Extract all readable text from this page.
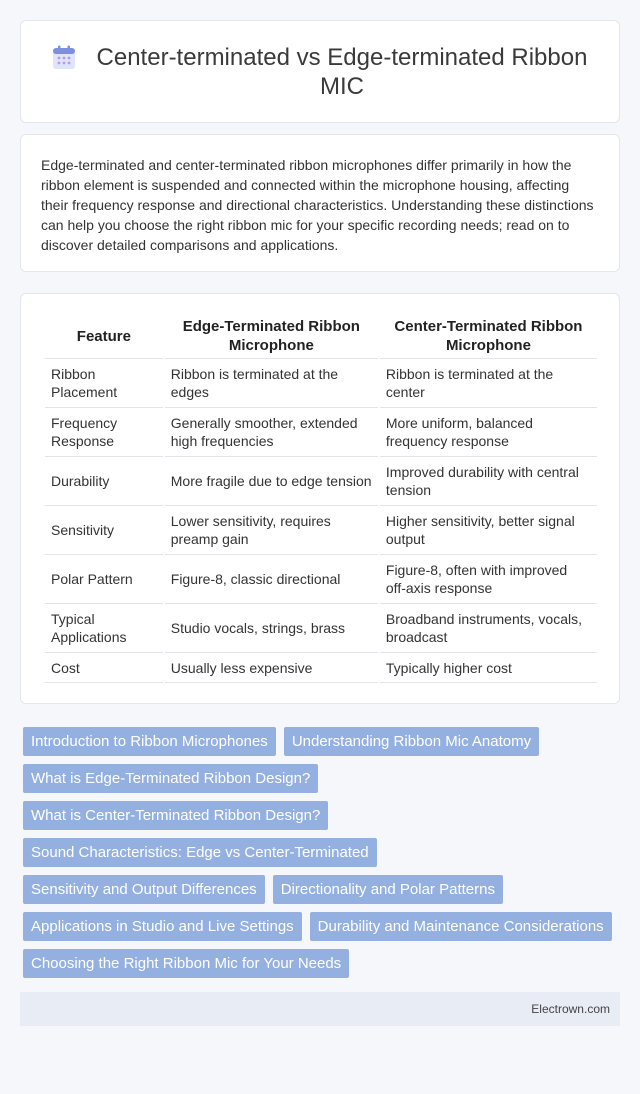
Center-terminated vs Edge-terminated Ribbon MIC

Edge-terminated and center-terminated ribbon microphones differ primarily in how the ribbon element is suspended and connected within the microphone housing, affecting their frequency response and directional characteristics. Understanding these distinctions can help you choose the right ribbon mic for your specific recording needs; read on to discover detailed comparisons and applications.

Feature	Edge-Terminated Ribbon Microphone	Center-Terminated Ribbon Microphone
Ribbon Placement	Ribbon is terminated at the edges	Ribbon is terminated at the center
Frequency Response	Generally smoother, extended high frequencies	More uniform, balanced frequency response
Durability	More fragile due to edge tension	Improved durability with central tension
Sensitivity	Lower sensitivity, requires preamp gain	Higher sensitivity, better signal output
Polar Pattern	Figure-8, classic directional	Figure-8, often with improved off-axis response
Typical Applications	Studio vocals, strings, brass	Broadband instruments, vocals, broadcast
Cost	Usually less expensive	Typically higher cost
Introduction to Ribbon Microphones	Understanding Ribbon Mic Anatomy
What is Edge-Terminated Ribbon Design?
What is Center-Terminated Ribbon Design?
Sound Characteristics: Edge vs Center-Terminated
Sensitivity and Output Differences	Directionality and Polar Patterns
Applications in Studio and Live Settings	Durability and Maintenance Considerations
Choosing the Right Ribbon Mic for Your Needs
Electrown.com
